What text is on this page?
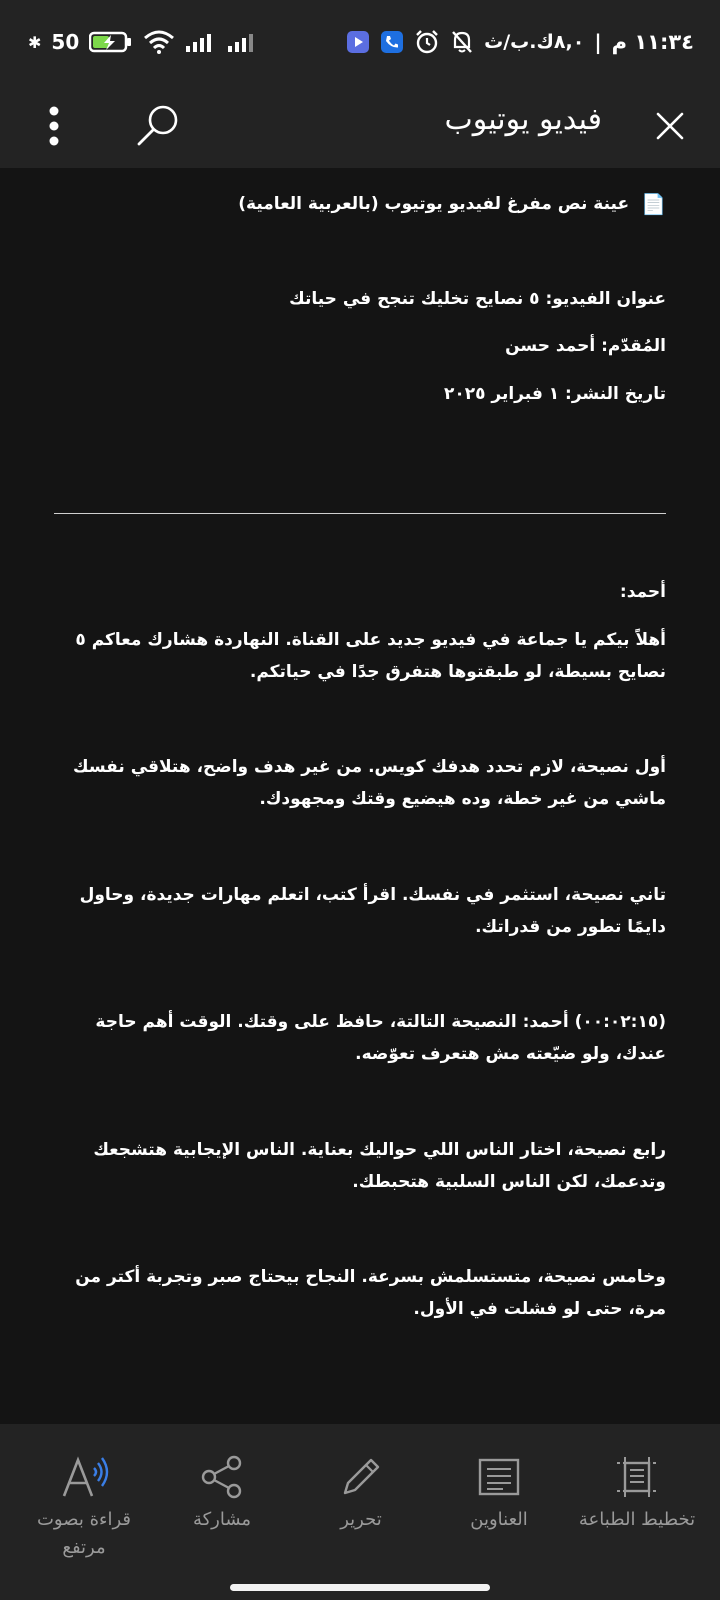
✱ 50	٨,٠ك.ب/ث | ١١:٣٤ م
فيديو يوتيوب
📄
عينة نص مفرغ لفيديو يوتيوب (بالعربية العامية)
عنوان الفيديو: ٥ نصايح تخليك تنجح في حياتك
المُقدّم: أحمد حسن
تاريخ النشر: ١ فبراير ٢٠٢٥
أحمد:
أهلاً بيكم يا جماعة في فيديو جديد على القناة. النهاردة هشارك معاكم ٥ نصايح بسيطة، لو طبقتوها هتفرق جدًا في حياتكم.
أول نصيحة، لازم تحدد هدفك كويس. من غير هدف واضح، هتلاقي نفسك ماشي من غير خطة، وده هيضيع وقتك ومجهودك.
تاني نصيحة، استثمر في نفسك. اقرأ كتب، اتعلم مهارات جديدة، وحاول دايمًا تطور من قدراتك.
(٠٠:٠٢:١٥) أحمد: النصيحة التالتة، حافظ على وقتك. الوقت أهم حاجة عندك، ولو ضيّعته مش هتعرف تعوّضه.
رابع نصيحة، اختار الناس اللي حواليك بعناية. الناس الإيجابية هتشجعك وتدعمك، لكن الناس السلبية هتحبطك.
وخامس نصيحة، متستسلمش بسرعة. النجاح بيحتاج صبر وتجربة أكتر من مرة، حتى لو فشلت في الأول.
قراءة بصوت مرتفع
مشاركة	تحرير	العناوين	تخطيط الطباعة
